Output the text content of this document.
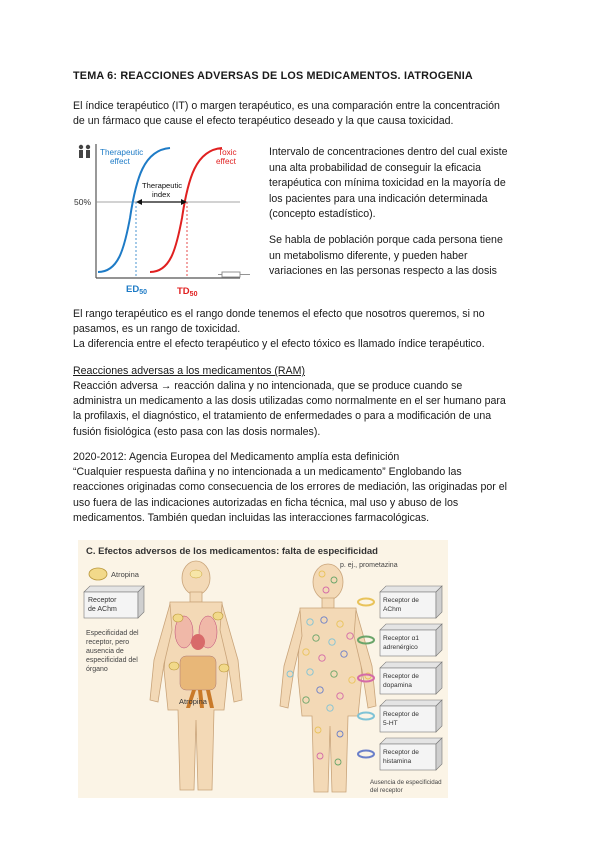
TEMA 6: REACCIONES ADVERSAS DE LOS MEDICAMENTOS. IATROGENIA
El índice terapéutico (IT) o margen terapéutico, es una comparación entre la concentración
de un fármaco que cause el efecto terapéutico deseado y la que causa toxicidad.
50%
Therapeutic
index
Therapeutic
effect
Toxic
effect
$ED_{50}$	$TD_{50}$
Intervalo de concentraciones dentro del cual existe
una alta probabilidad de conseguir la eficacia
terapéutica con mínima toxicidad en la mayoría de
los pacientes para una indicación determinada
(concepto estadístico).
Se habla de población porque cada persona tiene
un metabolismo diferente, y pueden haber
variaciones en las personas respecto a las dosis
El rango terapéutico es el rango donde tenemos el efecto que nosotros queremos, si no
pasamos, es un rango de toxicidad.
La diferencia entre el efecto terapéutico y el efecto tóxico es llamado índice terapéutico.
Reacciones adversas a los medicamentos (RAM)
Reacción adversa → reacción dalina y no intencionada, que se produce cuando se
administra un medicamento a las dosis utilizadas como normalmente en el ser humano para
la profilaxis, el diagnóstico, el tratamiento de enfermedades o para a modificación de una
fusión fisiológica (esto pasa con las dosis normales).
2020-2012: Agencia Europea del Medicamento amplía esta definición
“Cualquier respuesta dañina y no intencionada a un medicamento” Englobando las
reacciones originadas como consecuencia de los errores de mediación, las originadas por el
uso fuera de las indicaciones autorizadas en ficha técnica, mal uso y abuso de los
medicamentos. También quedan incluidas las interacciones farmacológicas.
C. Efectos adversos de los medicamentos: falta de especificidad
Atropina
Receptor
de AChm
Especificidad del
receptor, pero
ausencia de
especificidad del
órgano
Atropina
p. ej., prometazina
Receptor de
AChm
Receptor α1
adrenérgico
Receptor de
dopamina
Receptor de
5-HT
Receptor de
histamina
Ausencia de especificidad
del receptor
